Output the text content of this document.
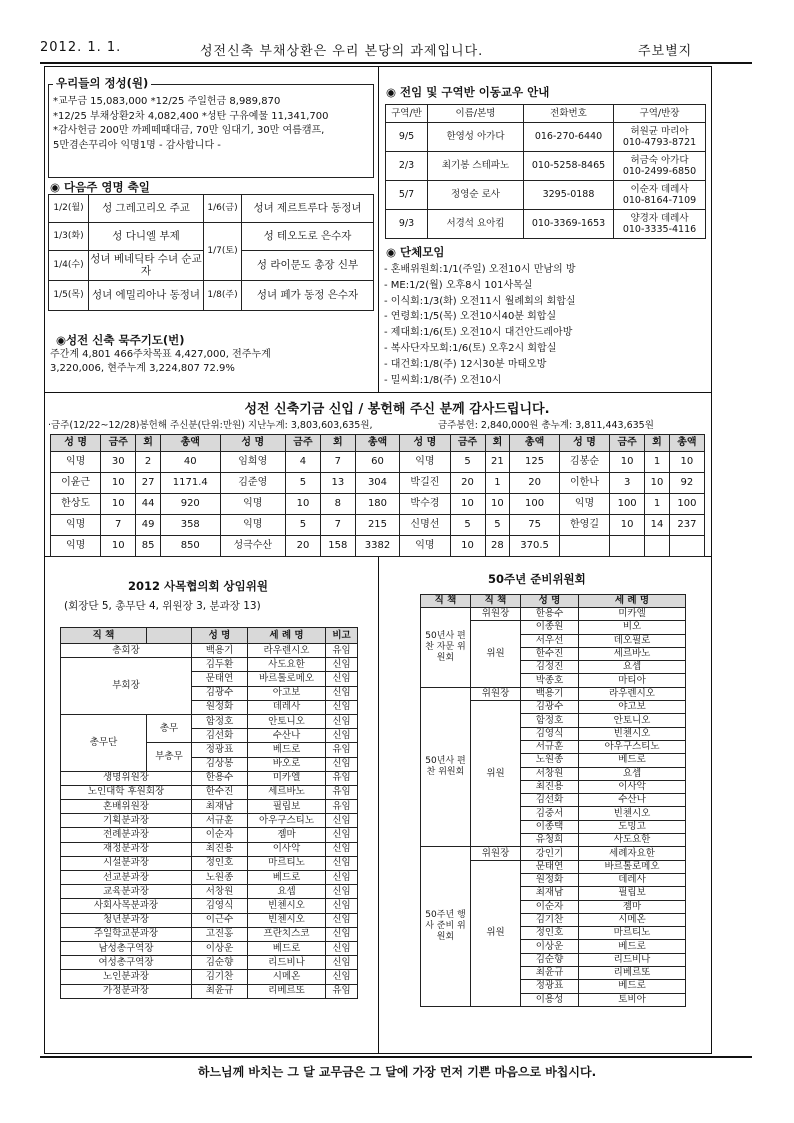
2012. 1. 1.	성전신축 부채상환은 우리 본당의 과제입니다.	주보별지
우리들의 정성(원)
*교무금 15,083,000 *12/25 주일헌금 8,989,870
*12/25 부채상환2차 4,082,400 *성탄 구유예물 11,341,700
*감사헌금 200만 까페떼때대금, 70만 임대기, 30만 여름캠프,
5만겸손꾸리아 익명1명 - 감사합니다 -
◉ 다음주 영명 축일
1/2(월)	성 그레고리오 주교	1/6(금)	성녀 제르트루다 동정녀
1/3(화)	성 다니엘 부제	1/7(토)	성 테오도로 은수자
1/4(수)	성녀 베네딕타 수녀 순교자		성 라이문도 총장 신부
1/5(목)	성녀 에밀리아나 동정녀	1/8(주)	성녀 페가 동정 은수자
◉성전 신축 묵주기도(번)
주간계 4,801 466주차목표 4,427,000, 전주누계
3,220,006, 현주누계 3,224,807 72.9%
◉ 전임 및 구역반 이동교우 안내
구역/반	이름/본명	전화번호	구역/반장
9/5	한영성 아가다	016-270-6440	허원균 마리아
010-4793-8721

2/3	최기봉 스테파노	010-5258-8465	허금숙 아가다
010-2499-6850

5/7	정영순 로사	3295-0188	이순자 데레사
010-8164-7109

9/3	서경석 요아킴	010-3369-1653	양경자 데레사
010-3335-4116
◉ 단체모임
- 혼배위원회:1/1(주일) 오전10시 만남의 방
- ME:1/2(월) 오후8시 101사목실
- 이식회:1/3(화) 오전11시 월례회의 회합실
- 연령회:1/5(목) 오전10시40분 회합실
- 제대회:1/6(토) 오전10시 대건안드레아방
- 복사단자모회:1/6(토) 오후2시 회합실
- 대건회:1/8(주) 12시30분 마태오방
- 밀씨회:1/8(주) 오전10시
성전 신축기금 신입 / 봉헌해 주신 분께 감사드립니다.
·금주(12/22~12/28)봉헌해 주신분(단위:만원) 지난누계: 3,803,603,635원,	금주봉헌: 2,840,000원 총누계: 3,811,443,635원
성 명	금주	회	총액	성 명	금주	회	총액	성 명	금주	회	총액	성 명	금주	회	총액
익명	30	2	40	임희영	4	7	60	익명	5	21	125	김봉순	10	1	10
이윤근	10	27	1171.4	김준영	5	13	304	박길진	20	1	20	이한나	3	10	92
한상도	10	44	920	익명	10	8	180	박수경	10	10	100	익명	100	1	100
익명	7	49	358	익명	5	7	215	신명선	5	5	75	한영길	10	14	237
익명	10	85	850	성극수산	20	158	3382	익명	10	28	370.5				
2012 사목협의회 상임위원
(회장단 5, 총무단 4, 위원장 3, 분과장 13)
직 책		성 명	세 례 명	비고
총회장		백용기	라우렌시오	유임
부회장		김두환	사도요한	신임
		문태연	바르톨로메오	신임
		김광수	아고보	신임
		원정화	데레사	신임
총무단	총무	함정호	안토니오	신임
		김선화	수산나	신임
	부총무	정광표	베드로	유임
		김상봉	바오로	신임
생명위원장		한용수	미카엘	유임
노인대학 후원회장		한수진	세르바노	유임
혼배위원장		최재남	필립보	유임
기획분과장		서규훈	아우구스티노	신임
전례분과장		이순자	젬마	신임
재정분과장		최진용	이사악	신임
시설분과장		정인호	마르티노	신임
선교분과장		노원종	베드로	신임
교육분과장		서창원	요셉	신임
사회사목분과장		김영식	빈첸시오	신임
청년분과장		이근수	빈첸시오	신임
주일학교분과장		고진홍	프란치스코	신임
남성총구역장		이상운	베드로	신임
여성총구역장		김순향	리드비나	신임
노인분과장		김기찬	시메온	신임
가정분과장		최윤규	리베르또	유임
50주년 준비위원회
직 책	직 책	성 명	세 례 명
50년사 편찬 자문 위원회	위원장	한용수	미카엘
	위원	이종원	비오
		서우선	데오필로
		한수진	세르바노
		김정진	요셉
		박종호	마티아
50년사 편찬 위원회	위원장	백용기	라우렌시오
	위원	김광수	야고보
		함정호	안토니오
		김영식	빈첸시오
		서규훈	아우구스티노
		노원종	베드로
		서창원	요셉
		최진용	이사악
		김선화	수산나
		김중서	빈첸시오
		이종택	도밍고
		유청희	사도요한
50주년 행사 준비 위원회	위원장	강인기	세례자요한
	위원	문태연	바르톨로메오
		원정화	데레사
		최재남	필립보
		이순자	젬마
		김기찬	시메온
		정인호	마르티노
		이상운	베드로
		김순향	리드비나
		최윤규	리베르또
		정광표	베드로
		이용성	토비아
하느님께 바치는 그 달 교무금은 그 달에 가장 먼저 기쁜 마음으로 바칩시다.
